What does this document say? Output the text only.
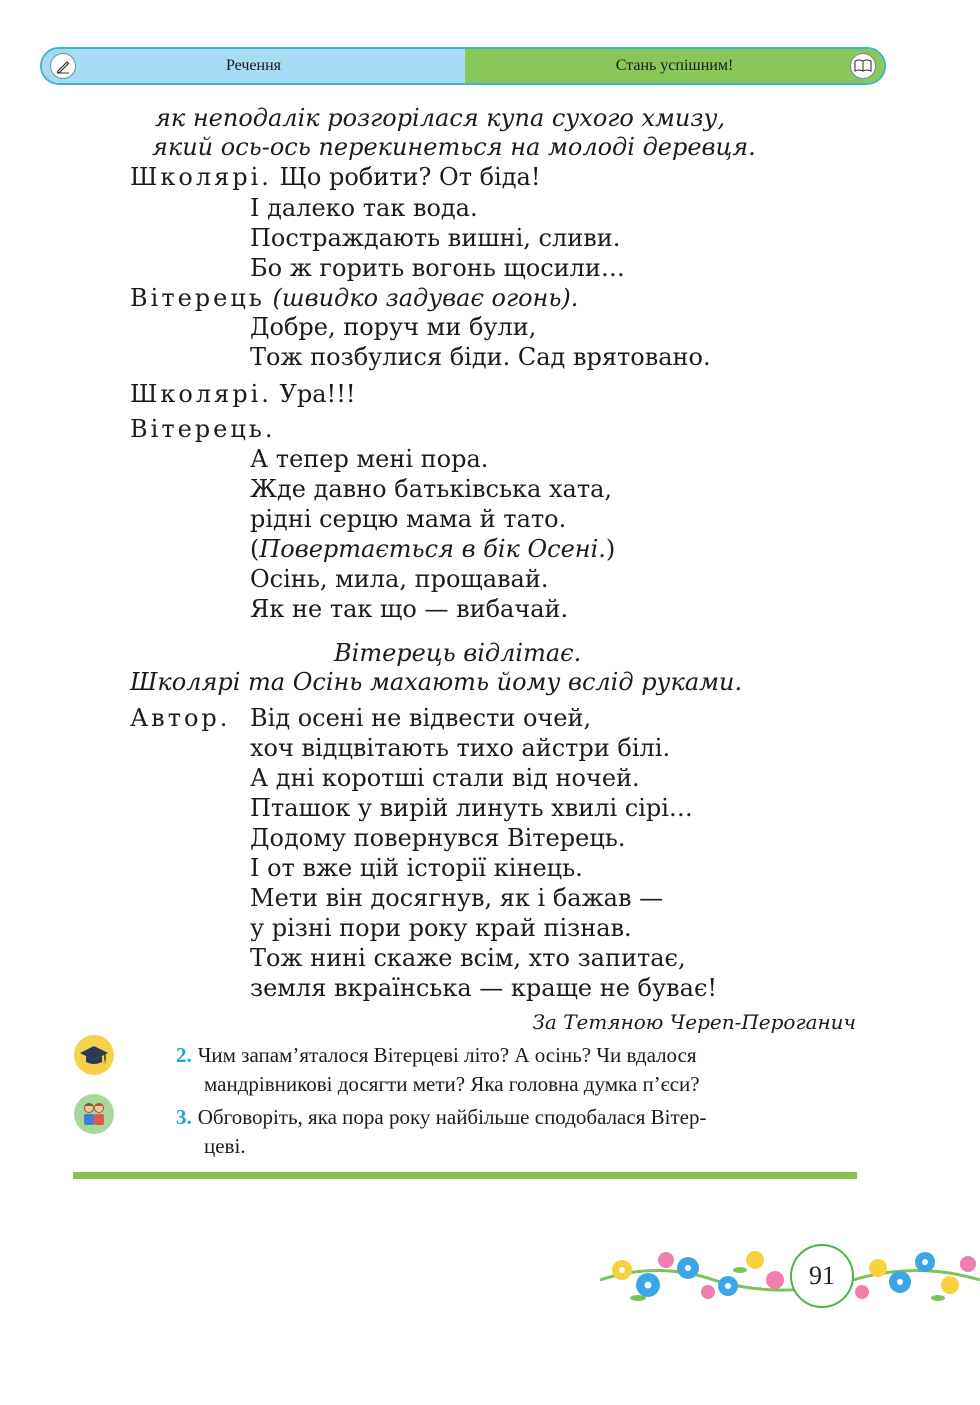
Речення	Стань успішним!
як неподалік розгорілася купа сухого хмизу,
який ось-ось перекинеться на молоді деревця.
Школярі. Що робити? От біда!
І далеко так вода.
Постраждають вишні, сливи.
Бо ж горить вогонь щосили…
Вітерець (швидко задуває огонь).
Добре, поруч ми були,
Тож позбулися біди. Сад врятовано.
Школярі. Ура!!!
Вітерець.
А тепер мені пора.
Жде давно батьківська хата,
рідні серцю мама й тато.
(Повертається в бік Осені.)
Осінь, мила, прощавай.
Як не так що — вибачай.
Вітерець відлітає.
Школярі та Осінь махають йому вслід руками.
Автор. Від осені не відвести очей,
хоч відцвітають тихо айстри білі.
А дні коротші стали від ночей.
Пташок у вирій линуть хвилі сірі…
Додому повернувся Вітерець.
І от вже цій історії кінець.
Мети він досягнув, як і бажав —
у різні пори року край пізнав.
Тож нині скаже всім, хто запитає,
земля вкраїнська — краще не буває!
За Тетяною Череп-Пероганич
2. Чим запам’яталося Вітерцеві літо? А осінь? Чи вдалося
мандрівникові досягти мети? Яка головна думка п’єси?
3. Обговоріть, яка пора року найбільше сподобалася Вітер-
цеві.
91
